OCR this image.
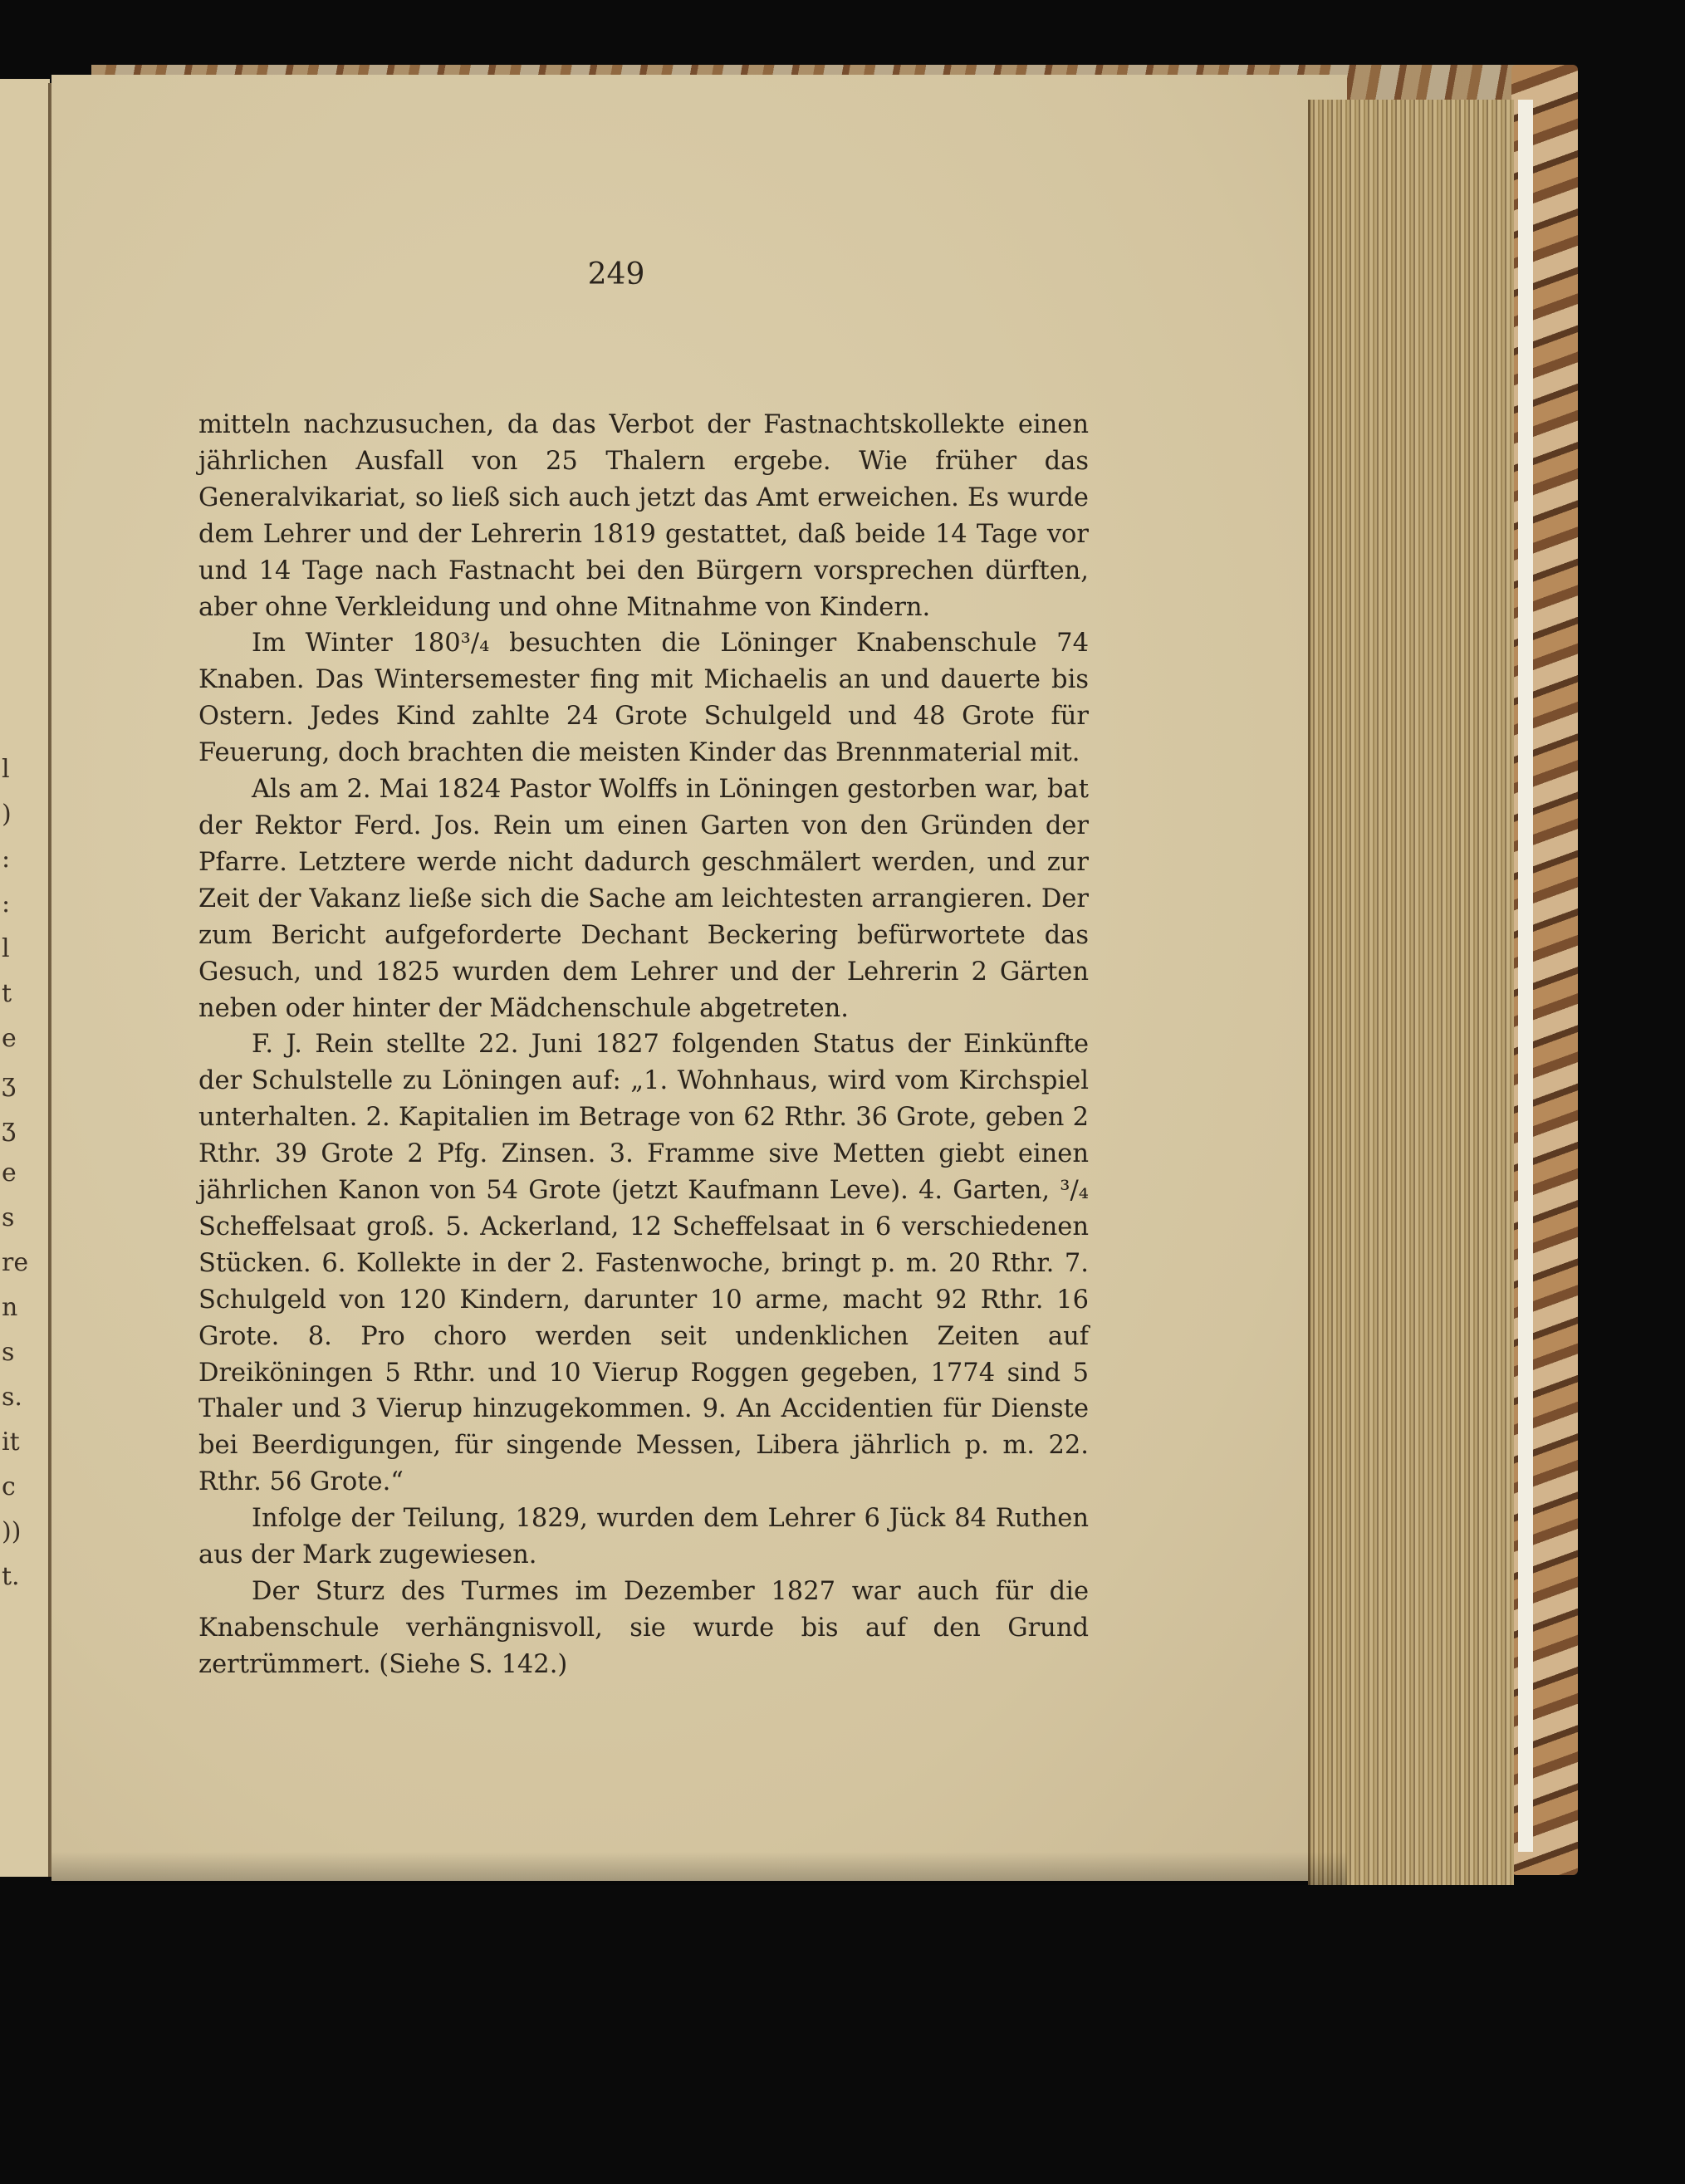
l
)
:
:
l
t
e
ʒ
ʒ
e
s
re
n
s
s.
it
c
))
t.
249

mitteln nachzusuchen, da das Verbot der Fastnachtskollekte einen jährlichen Ausfall von 25 Thalern ergebe. Wie früher das Generalvikariat, so ließ sich auch jetzt das Amt erweichen. Es wurde dem Lehrer und der Lehrerin 1819 gestattet, daß beide 14 Tage vor und 14 Tage nach Fastnacht bei den Bürgern vorsprechen dürften, aber ohne Verkleidung und ohne Mitnahme von Kindern.

Im Winter 180³/₄ besuchten die Löninger Knabenschule 74 Knaben. Das Wintersemester fing mit Michaelis an und dauerte bis Ostern. Jedes Kind zahlte 24 Grote Schulgeld und 48 Grote für Feuerung, doch brachten die meisten Kinder das Brennmaterial mit.

Als am 2. Mai 1824 Pastor Wolffs in Löningen gestorben war, bat der Rektor Ferd. Jos. Rein um einen Garten von den Gründen der Pfarre. Letztere werde nicht dadurch geschmälert werden, und zur Zeit der Vakanz ließe sich die Sache am leichtesten arrangieren. Der zum Bericht aufgeforderte Dechant Beckering befürwortete das Gesuch, und 1825 wurden dem Lehrer und der Lehrerin 2 Gärten neben oder hinter der Mädchenschule abgetreten.

F. J. Rein stellte 22. Juni 1827 folgenden Status der Einkünfte der Schulstelle zu Löningen auf: „1. Wohnhaus, wird vom Kirchspiel unterhalten. 2. Kapitalien im Betrage von 62 Rthr. 36 Grote, geben 2 Rthr. 39 Grote 2 Pfg. Zinsen. 3. Framme sive Metten giebt einen jährlichen Kanon von 54 Grote (jetzt Kaufmann Leve). 4. Garten, ³/₄ Scheffelsaat groß. 5. Ackerland, 12 Scheffelsaat in 6 verschiedenen Stücken. 6. Kollekte in der 2. Fastenwoche, bringt p. m. 20 Rthr. 7. Schulgeld von 120 Kindern, darunter 10 arme, macht 92 Rthr. 16 Grote. 8. Pro choro werden seit undenklichen Zeiten auf Dreiköningen 5 Rthr. und 10 Vierup Roggen gegeben, 1774 sind 5 Thaler und 3 Vierup hinzugekommen. 9. An Accidentien für Dienste bei Beerdigungen, für singende Messen, Libera jährlich p. m. 22. Rthr. 56 Grote.“

Infolge der Teilung, 1829, wurden dem Lehrer 6 Jück 84 Ruthen aus der Mark zugewiesen.

Der Sturz des Turmes im Dezember 1827 war auch für die Knabenschule verhängnisvoll, sie wurde bis auf den Grund zertrümmert. (Siehe S. 142.)
